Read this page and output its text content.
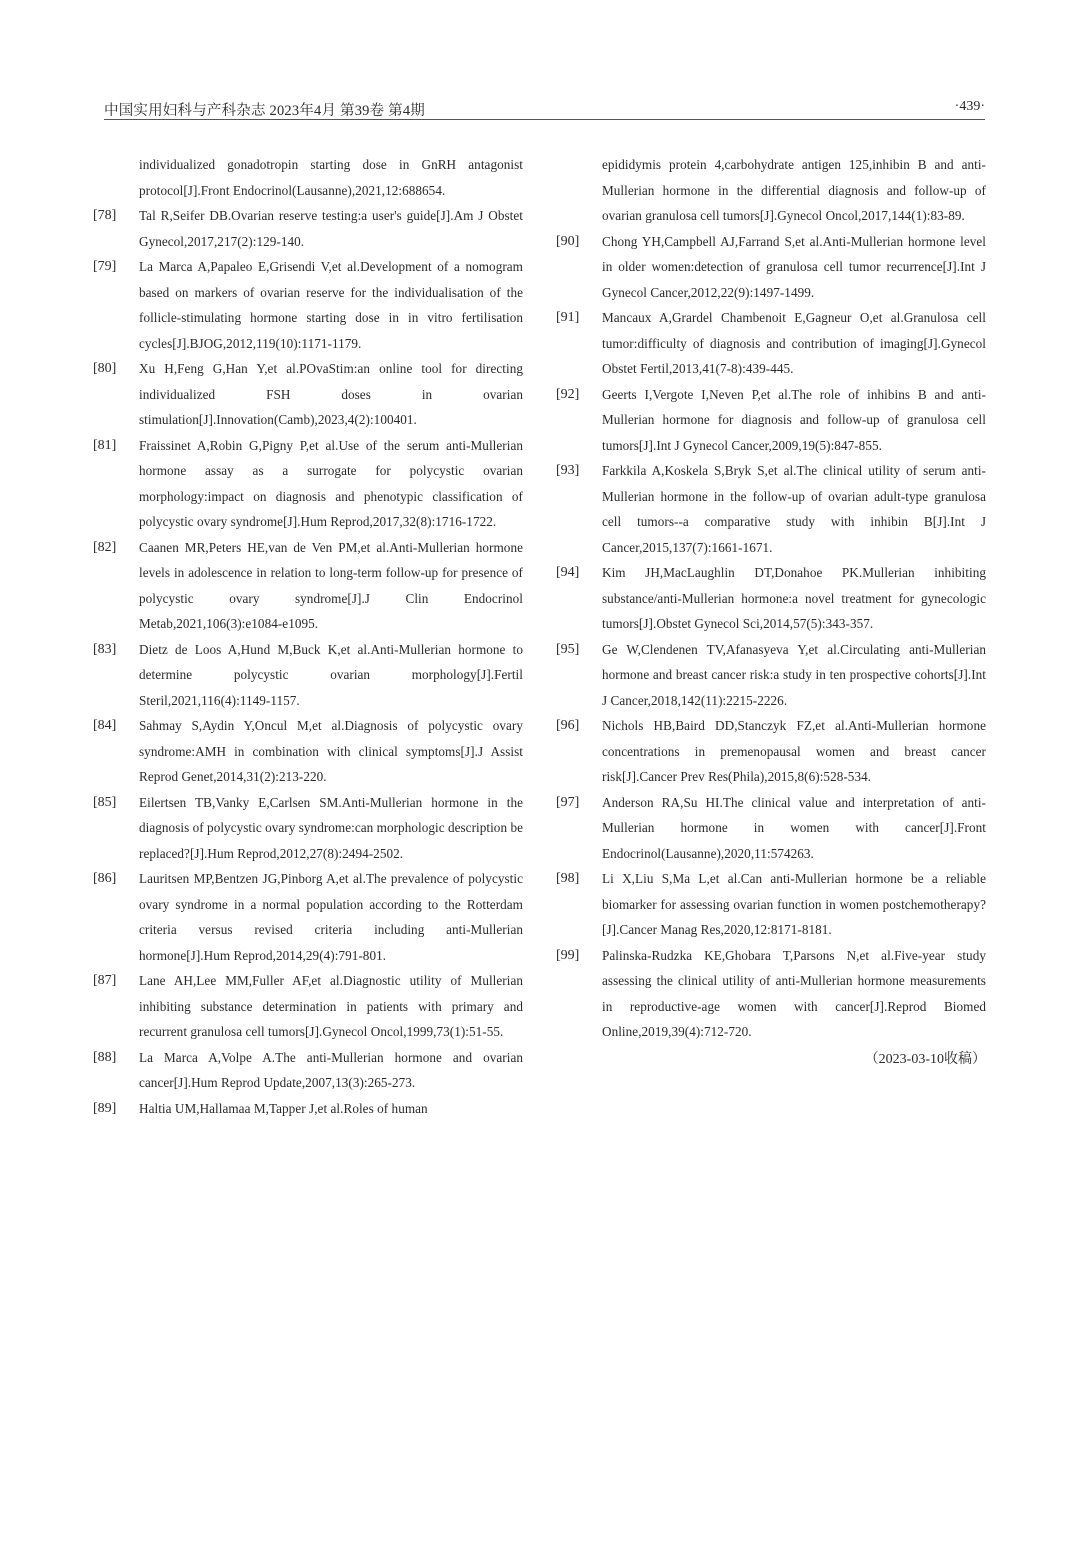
中国实用妇科与产科杂志 2023年4月 第39卷 第4期	·439·
individualized gonadotropin starting dose in GnRH antagonist protocol[J].Front Endocrinol(Lausanne),2021,12:688654.
[78]	Tal R,Seifer DB.Ovarian reserve testing:a user's guide[J].Am J Obstet Gynecol,2017,217(2):129-140.
[79]	La Marca A,Papaleo E,Grisendi V,et al.Development of a nomogram based on markers of ovarian reserve for the individualisation of the follicle-stimulating hormone starting dose in in vitro fertilisation cycles[J].BJOG,2012,119(10):1171-1179.
[80]	Xu H,Feng G,Han Y,et al.POvaStim:an online tool for directing individualized FSH doses in ovarian stimulation[J].Innovation(Camb),2023,4(2):100401.
[81]	Fraissinet A,Robin G,Pigny P,et al.Use of the serum anti-Mullerian hormone assay as a surrogate for polycystic ovarian morphology:impact on diagnosis and phenotypic classification of polycystic ovary syndrome[J].Hum Reprod,2017,32(8):1716-1722.
[82]	Caanen MR,Peters HE,van de Ven PM,et al.Anti-Mullerian hormone levels in adolescence in relation to long-term follow-up for presence of polycystic ovary syndrome[J].J Clin Endocrinol Metab,2021,106(3):e1084-e1095.
[83]	Dietz de Loos A,Hund M,Buck K,et al.Anti-Mullerian hormone to determine polycystic ovarian morphology[J].Fertil Steril,2021,116(4):1149-1157.
[84]	Sahmay S,Aydin Y,Oncul M,et al.Diagnosis of polycystic ovary syndrome:AMH in combination with clinical symptoms[J].J Assist Reprod Genet,2014,31(2):213-220.
[85]	Eilertsen TB,Vanky E,Carlsen SM.Anti-Mullerian hormone in the diagnosis of polycystic ovary syndrome:can morphologic description be replaced?[J].Hum Reprod,2012,27(8):2494-2502.
[86]	Lauritsen MP,Bentzen JG,Pinborg A,et al.The prevalence of polycystic ovary syndrome in a normal population according to the Rotterdam criteria versus revised criteria including anti-Mullerian hormone[J].Hum Reprod,2014,29(4):791-801.
[87]	Lane AH,Lee MM,Fuller AF,et al.Diagnostic utility of Mullerian inhibiting substance determination in patients with primary and recurrent granulosa cell tumors[J].Gynecol Oncol,1999,73(1):51-55.
[88]	La Marca A,Volpe A.The anti-Mullerian hormone and ovarian cancer[J].Hum Reprod Update,2007,13(3):265-273.
[89]	Haltia UM,Hallamaa M,Tapper J,et al.Roles of human
epididymis protein 4,carbohydrate antigen 125,inhibin B and anti-Mullerian hormone in the differential diagnosis and follow-up of ovarian granulosa cell tumors[J].Gynecol Oncol,2017,144(1):83-89.
[90]	Chong YH,Campbell AJ,Farrand S,et al.Anti-Mullerian hormone level in older women:detection of granulosa cell tumor recurrence[J].Int J Gynecol Cancer,2012,22(9):1497-1499.
[91]	Mancaux A,Grardel Chambenoit E,Gagneur O,et al.Granulosa cell tumor:difficulty of diagnosis and contribution of imaging[J].Gynecol Obstet Fertil,2013,41(7-8):439-445.
[92]	Geerts I,Vergote I,Neven P,et al.The role of inhibins B and anti-Mullerian hormone for diagnosis and follow-up of granulosa cell tumors[J].Int J Gynecol Cancer,2009,19(5):847-855.
[93]	Farkkila A,Koskela S,Bryk S,et al.The clinical utility of serum anti-Mullerian hormone in the follow-up of ovarian adult-type granulosa cell tumors--a comparative study with inhibin B[J].Int J Cancer,2015,137(7):1661-1671.
[94]	Kim JH,MacLaughlin DT,Donahoe PK.Mullerian inhibiting substance/anti-Mullerian hormone:a novel treatment for gynecologic tumors[J].Obstet Gynecol Sci,2014,57(5):343-357.
[95]	Ge W,Clendenen TV,Afanasyeva Y,et al.Circulating anti-Mullerian hormone and breast cancer risk:a study in ten prospective cohorts[J].Int J Cancer,2018,142(11):2215-2226.
[96]	Nichols HB,Baird DD,Stanczyk FZ,et al.Anti-Mullerian hormone concentrations in premenopausal women and breast cancer risk[J].Cancer Prev Res(Phila),2015,8(6):528-534.
[97]	Anderson RA,Su HI.The clinical value and interpretation of anti-Mullerian hormone in women with cancer[J].Front Endocrinol(Lausanne),2020,11:574263.
[98]	Li X,Liu S,Ma L,et al.Can anti-Mullerian hormone be a reliable biomarker for assessing ovarian function in women postchemotherapy?[J].Cancer Manag Res,2020,12:8171-8181.
[99]	Palinska-Rudzka KE,Ghobara T,Parsons N,et al.Five-year study assessing the clinical utility of anti-Mullerian hormone measurements in reproductive-age women with cancer[J].Reprod Biomed Online,2019,39(4):712-720.
（2023-03-10收稿）
